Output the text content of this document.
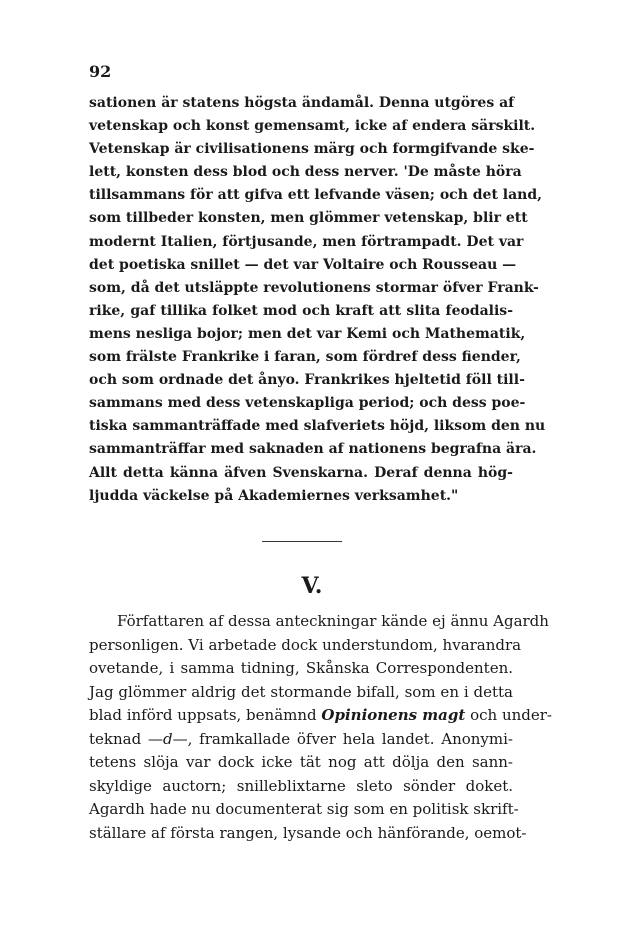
92

sationen är statens högsta ändamål. Denna utgöres af
vetenskap och konst gemensamt, icke af endera särskilt.
Vetenskap är civilisationens märg och formgifvande ske-
lett, konsten dess blod och dess nerver. 'De måste höra
tillsammans för att gifva ett lefvande väsen; och det land,
som tillbeder konsten, men glömmer vetenskap, blir ett
modernt Italien, förtjusande, men förtrampadt. Det var
det poetiska snillet — det var Voltaire och Rousseau —
som, då det utsläppte revolutionens stormar öfver Frank-
rike, gaf tillika folket mod och kraft att slita feodalis-
mens nesliga bojor; men det var Kemi och Mathematik,
som frälste Frankrike i faran, som fördref dess fiender,
och som ordnade det ånyo. Frankrikes hjeltetid föll till-
sammans med dess vetenskapliga period; och dess poe-
tiska sammanträffade med slafveriets höjd, liksom den nu
sammanträffar med saknaden af nationens begrafna ära.
Allt detta känna äfven Svenskarna. Deraf denna hög-
ljudda väckelse på Akademiernes verksamhet."
V.
Författaren af dessa anteckningar kände ej ännu Agardh
personligen. Vi arbetade dock understundom, hvarandra
ovetande, i samma tidning, Skånska Correspondenten.
Jag glömmer aldrig det stormande bifall, som en i detta
blad införd uppsats, benämnd Opinionens magt och under-
teknad —d—, framkallade öfver hela landet. Anonymi-
tetens slöja var dock icke tät nog att dölja den sann-
skyldige auctorn; snilleblixtarne sleto sönder doket.
Agardh hade nu documenterat sig som en politisk skrift-
ställare af första rangen, lysande och hänförande, oemot-
